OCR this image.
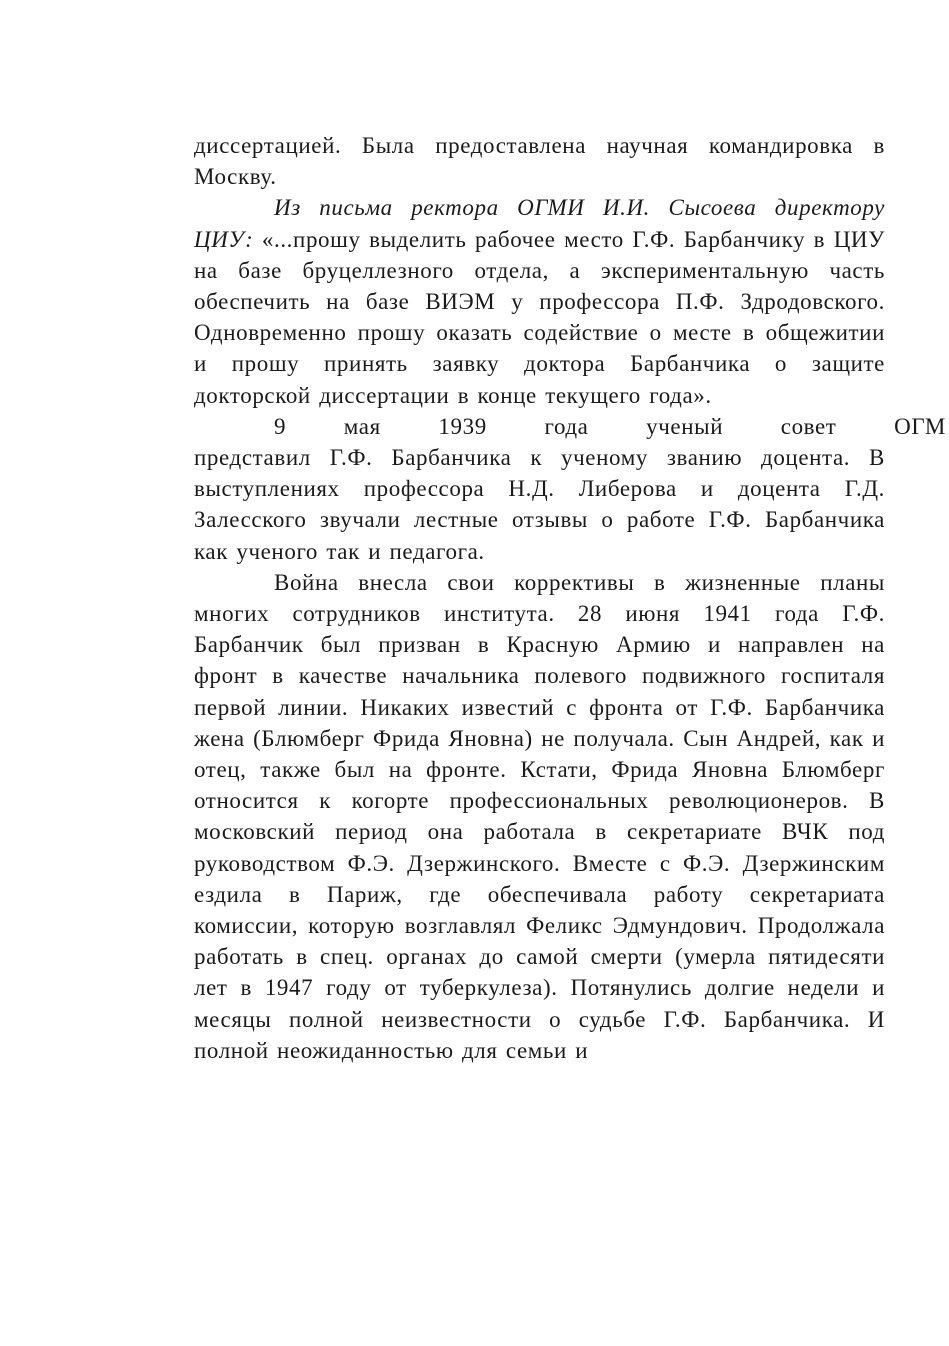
диссертацией. Была предоставлена научная командировка в Москву.

Из письма ректора ОГМИ И.И. Сысоева директору ЦИУ: «...прошу выделить рабочее место Г.Ф. Барбанчику в ЦИУ на базе бруцеллезного отдела, а экспериментальную часть обеспечить на базе ВИЭМ у профессора П.Ф. Здродовского. Одновременно прошу оказать содействие о месте в общежитии и прошу принять заявку доктора Барбанчика о защите докторской диссертации в конце текущего года».

9	мая	1939	года	ученый	совет	ОГМ

представил Г.Ф. Барбанчика к ученому званию доцента. В выступлениях профессора Н.Д. Либерова и доцента Г.Д. Залесского звучали лестные отзывы о работе Г.Ф. Барбанчика как ученого так и педагога.

Война внесла свои коррективы в жизненные планы многих сотрудников института. 28 июня 1941 года Г.Ф. Барбанчик был призван в Красную Армию и направлен на фронт в качестве начальника полевого подвижного госпиталя первой линии. Никаких известий с фронта от Г.Ф. Барбанчика жена (Блюмберг Фрида Яновна) не получала. Сын Андрей, как и отец, также был на фронте. Кстати, Фрида Яновна Блюмберг относится к когорте профессиональных революционеров. В московский период она работала в секретариате ВЧК под руководством Ф.Э. Дзержинского. Вместе с Ф.Э. Дзержинским ездила в Париж, где обеспечивала работу секретариата комиссии, которую возглавлял Феликс Эдмундович. Продолжала работать в спец. органах до самой смерти (умерла пятидесяти лет в 1947 году от туберкулеза). Потянулись долгие недели и месяцы полной неизвестности о судьбе Г.Ф. Барбанчика. И полной неожиданностью для семьи и
